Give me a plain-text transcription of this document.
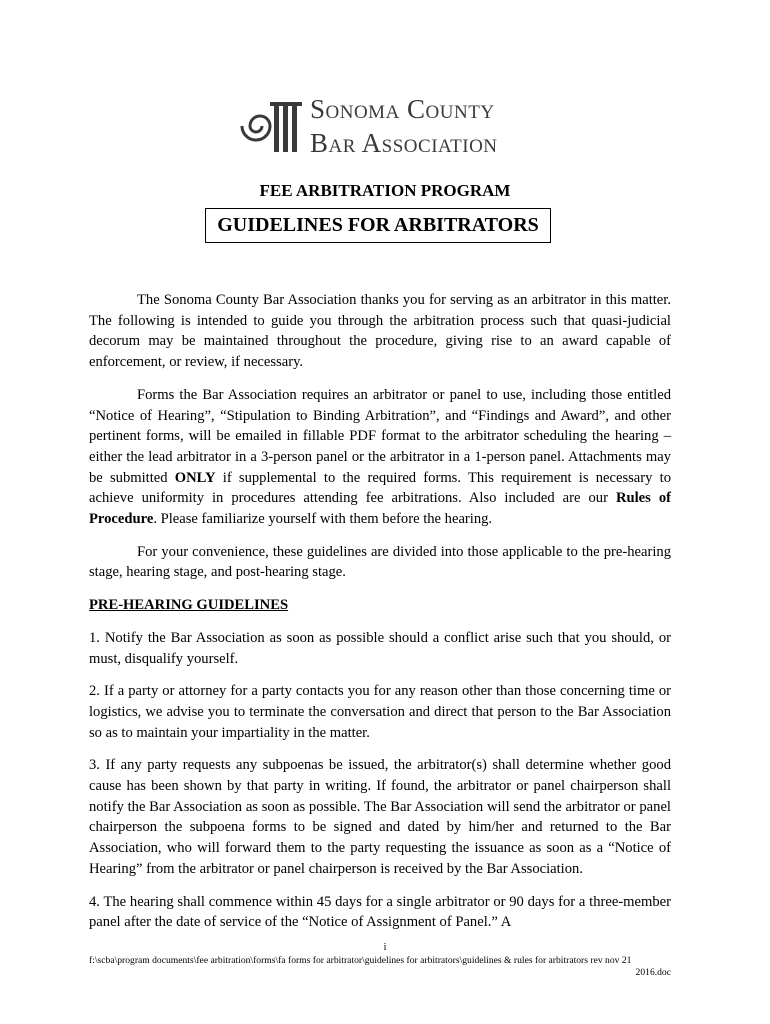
Sonoma County
Bar Association
FEE ARBITRATION PROGRAM
GUIDELINES FOR ARBITRATORS

The Sonoma County Bar Association thanks you for serving as an arbitrator in this matter. The following is intended to guide you through the arbitration process such that quasi-judicial decorum may be maintained throughout the procedure, giving rise to an award capable of enforcement, or review, if necessary.

Forms the Bar Association requires an arbitrator or panel to use, including those entitled “Notice of Hearing”, “Stipulation to Binding Arbitration”, and “Findings and Award”, and other pertinent forms, will be emailed in fillable PDF format to the arbitrator scheduling the hearing – either the lead arbitrator in a 3-person panel or the arbitrator in a 1-person panel. Attachments may be submitted ONLY if supplemental to the required forms. This requirement is necessary to achieve uniformity in procedures attending fee arbitrations. Also included are our Rules of Procedure. Please familiarize yourself with them before the hearing.

For your convenience, these guidelines are divided into those applicable to the pre-hearing stage, hearing stage, and post-hearing stage.

PRE-HEARING GUIDELINES

1. Notify the Bar Association as soon as possible should a conflict arise such that you should, or must, disqualify yourself.

2. If a party or attorney for a party contacts you for any reason other than those concerning time or logistics, we advise you to terminate the conversation and direct that person to the Bar Association so as to maintain your impartiality in the matter.

3. If any party requests any subpoenas be issued, the arbitrator(s) shall determine whether good cause has been shown by that party in writing. If found, the arbitrator or panel chairperson shall notify the Bar Association as soon as possible. The Bar Association will send the arbitrator or panel chairperson the subpoena forms to be signed and dated by him/her and returned to the Bar Association, who will forward them to the party requesting the issuance as soon as a “Notice of Hearing” from the arbitrator or panel chairperson is received by the Bar Association.

4. The hearing shall commence within 45 days for a single arbitrator or 90 days for a three-member panel after the date of service of the “Notice of Assignment of Panel.” A

i
f:\scba\program documents\fee arbitration\forms\fa forms for arbitrator\guidelines for arbitrators\guidelines & rules for arbitrators rev nov 21
2016.doc
